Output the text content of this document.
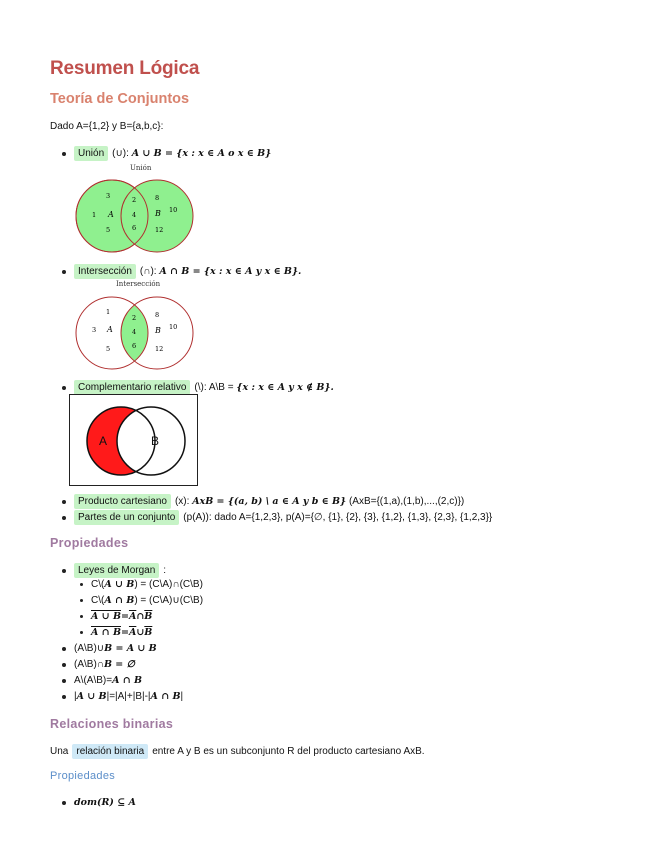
Resumen Lógica
Teoría de Conjuntos
Dado A={1,2} y B={a,b,c}:
Unión (∪):
A ∪ B = {x : x ∈ A o x ∈ B}
Unión
3
1
5
A
2
4
6
8
B 10
12
Intersección (∩):
A ∩ B = {x : x ∈ A y x ∈ B}.
Intersección
1
3
5
A
2
4
6
8
B 10
12
Complementario relativo (\): A\B =
{x : x ∈ A y x ∉ B}.
A	B
Producto cartesiano (x):
AxB = {(a, b) \ a ∈ A y b ∈ B}
(AxB={(1,a),(1,b),...,(2,c)})
Partes de un conjunto (p(A)): dado A={1,2,3}, p(A)={∅, {1}, {2}, {3}, {1,2}, {1,3}, {2,3}, {1,2,3}}
Propiedades
Leyes de Morgan :
C\( A ∪ B ) = (C\A)∩(C\B)
C\( A ∩ B ) = (C\A)∪(C\B)
A ∪ $B = \overline{A}$ ∩ $\overline{B}$
A ∩ $B = \overline{A}$ ∪ $\overline{B}$
(A\B)∪ B = A ∪ B
(A\B)∩ B = ∅
A\(A\B)= A ∩ B
| A ∪ B |=|A|+|B|-| A ∩ B |
Relaciones binarias
Una relación binaria entre A y B es un subconjunto R del producto cartesiano AxB.
Propiedades
dom(R) ⊆ A
